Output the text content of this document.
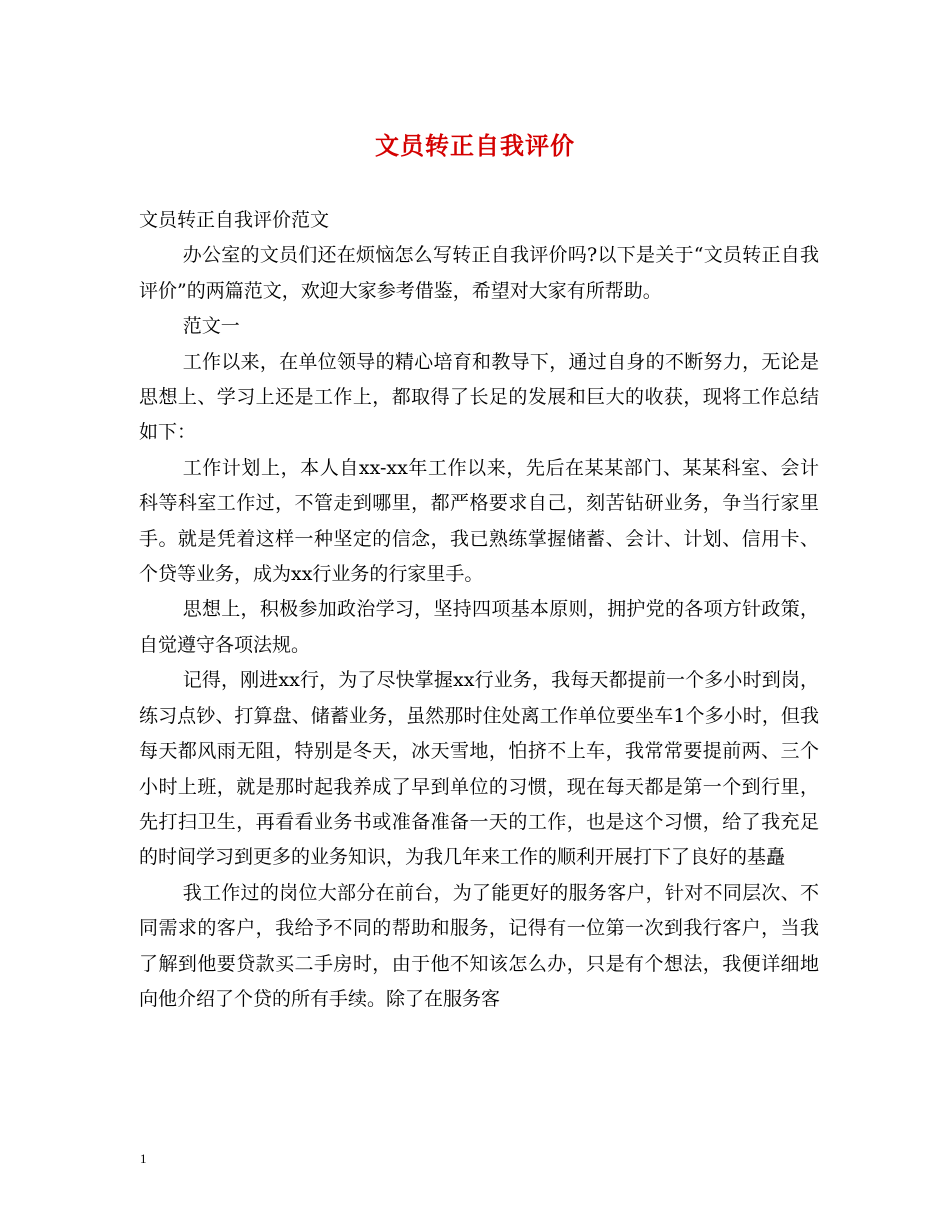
文员转正自我评价

文员转正自我评价范文

办公室的文员们还在烦恼怎么写转正自我评价吗?以下是关于“文员转正自我评价”的两篇范文，欢迎大家参考借鉴，希望对大家有所帮助。

范文一

工作以来，在单位领导的精心培育和教导下，通过自身的不断努力，无论是思想上、学习上还是工作上，都取得了长足的发展和巨大的收获，现将工作总结如下：

工作计划上，本人自xx-xx年工作以来，先后在某某部门、某某科室、会计科等科室工作过，不管走到哪里，都严格要求自己，刻苦钻研业务，争当行家里手。就是凭着这样一种坚定的信念，我已熟练掌握储蓄、会计、计划、信用卡、个贷等业务，成为xx行业务的行家里手。

思想上，积极参加政治学习，坚持四项基本原则，拥护党的各项方针政策，自觉遵守各项法规。

记得，刚进xx行，为了尽快掌握xx行业务，我每天都提前一个多小时到岗，练习点钞、打算盘、储蓄业务，虽然那时住处离工作单位要坐车1个多小时，但我每天都风雨无阻，特别是冬天，冰天雪地，怕挤不上车，我常常要提前两、三个小时上班，就是那时起我养成了早到单位的习惯，现在每天都是第一个到行里，先打扫卫生，再看看业务书或准备准备一天的工作，也是这个习惯，给了我充足的时间学习到更多的业务知识，为我几年来工作的顺利开展打下了良好的基矗

我工作过的岗位大部分在前台，为了能更好的服务客户，针对不同层次、不同需求的客户，我给予不同的帮助和服务，记得有一位第一次到我行客户，当我了解到他要贷款买二手房时，由于他不知该怎么办，只是有个想法，我便详细地向他介绍了个贷的所有手续。除了在服务客

1
